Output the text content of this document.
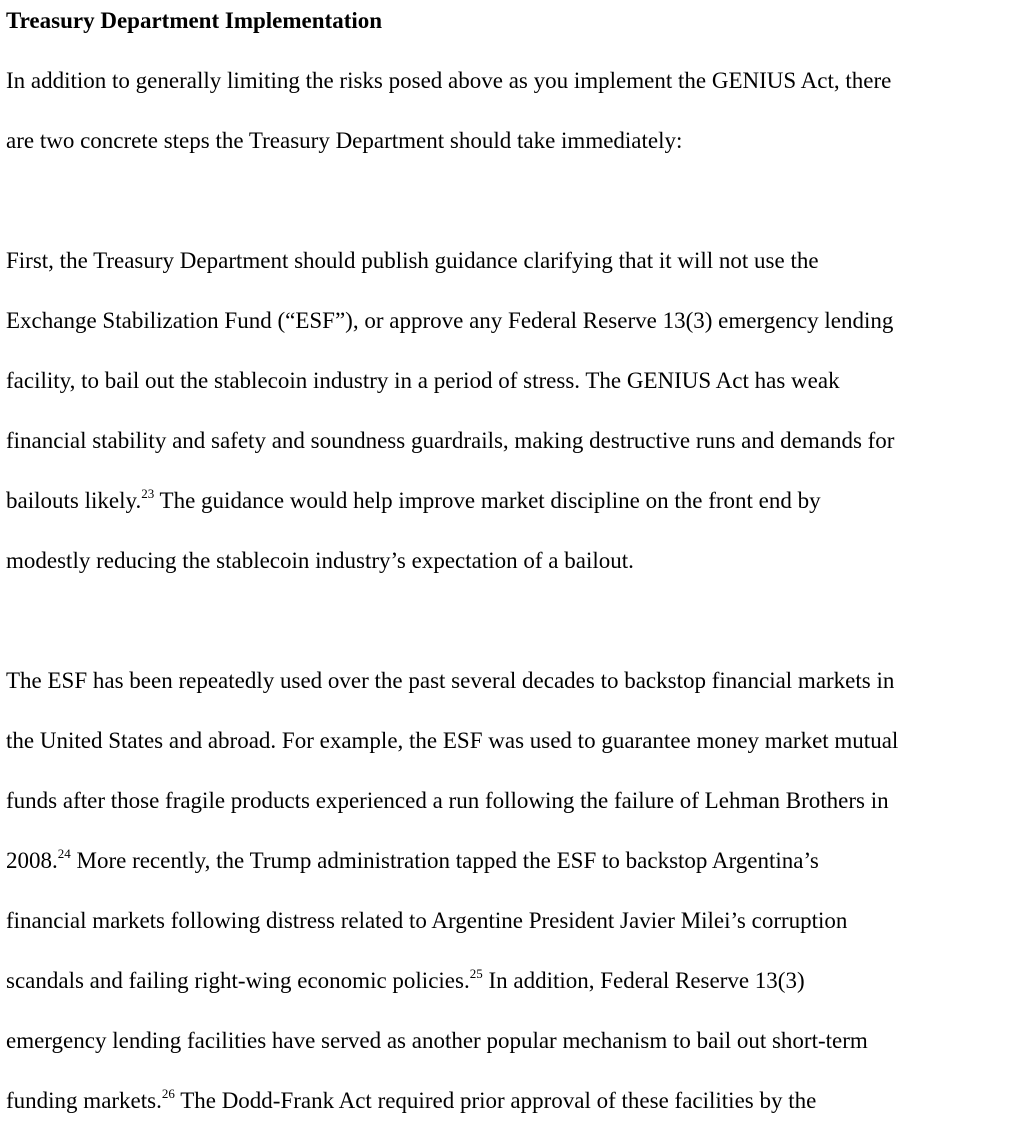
Treasury Department Implementation

In addition to generally limiting the risks posed above as you implement the GENIUS Act, there

are two concrete steps the Treasury Department should take immediately:

First, the Treasury Department should publish guidance clarifying that it will not use the

Exchange Stabilization Fund (“ESF”), or approve any Federal Reserve 13(3) emergency lending

facility, to bail out the stablecoin industry in a period of stress. The GENIUS Act has weak

financial stability and safety and soundness guardrails, making destructive runs and demands for

bailouts likely.$^{23}$ The guidance would help improve market discipline on the front end by

modestly reducing the stablecoin industry’s expectation of a bailout.

The ESF has been repeatedly used over the past several decades to backstop financial markets in

the United States and abroad. For example, the ESF was used to guarantee money market mutual

funds after those fragile products experienced a run following the failure of Lehman Brothers in

2008.24 More recently, the Trump administration tapped the ESF to backstop Argentina’s

financial markets following distress related to Argentine President Javier Milei’s corruption

scandals and failing right-wing economic policies.$^{25}$ In addition, Federal Reserve 13(3)

emergency lending facilities have served as another popular mechanism to bail out short-term

funding markets.$^{26}$ The Dodd-Frank Act required prior approval of these facilities by the
